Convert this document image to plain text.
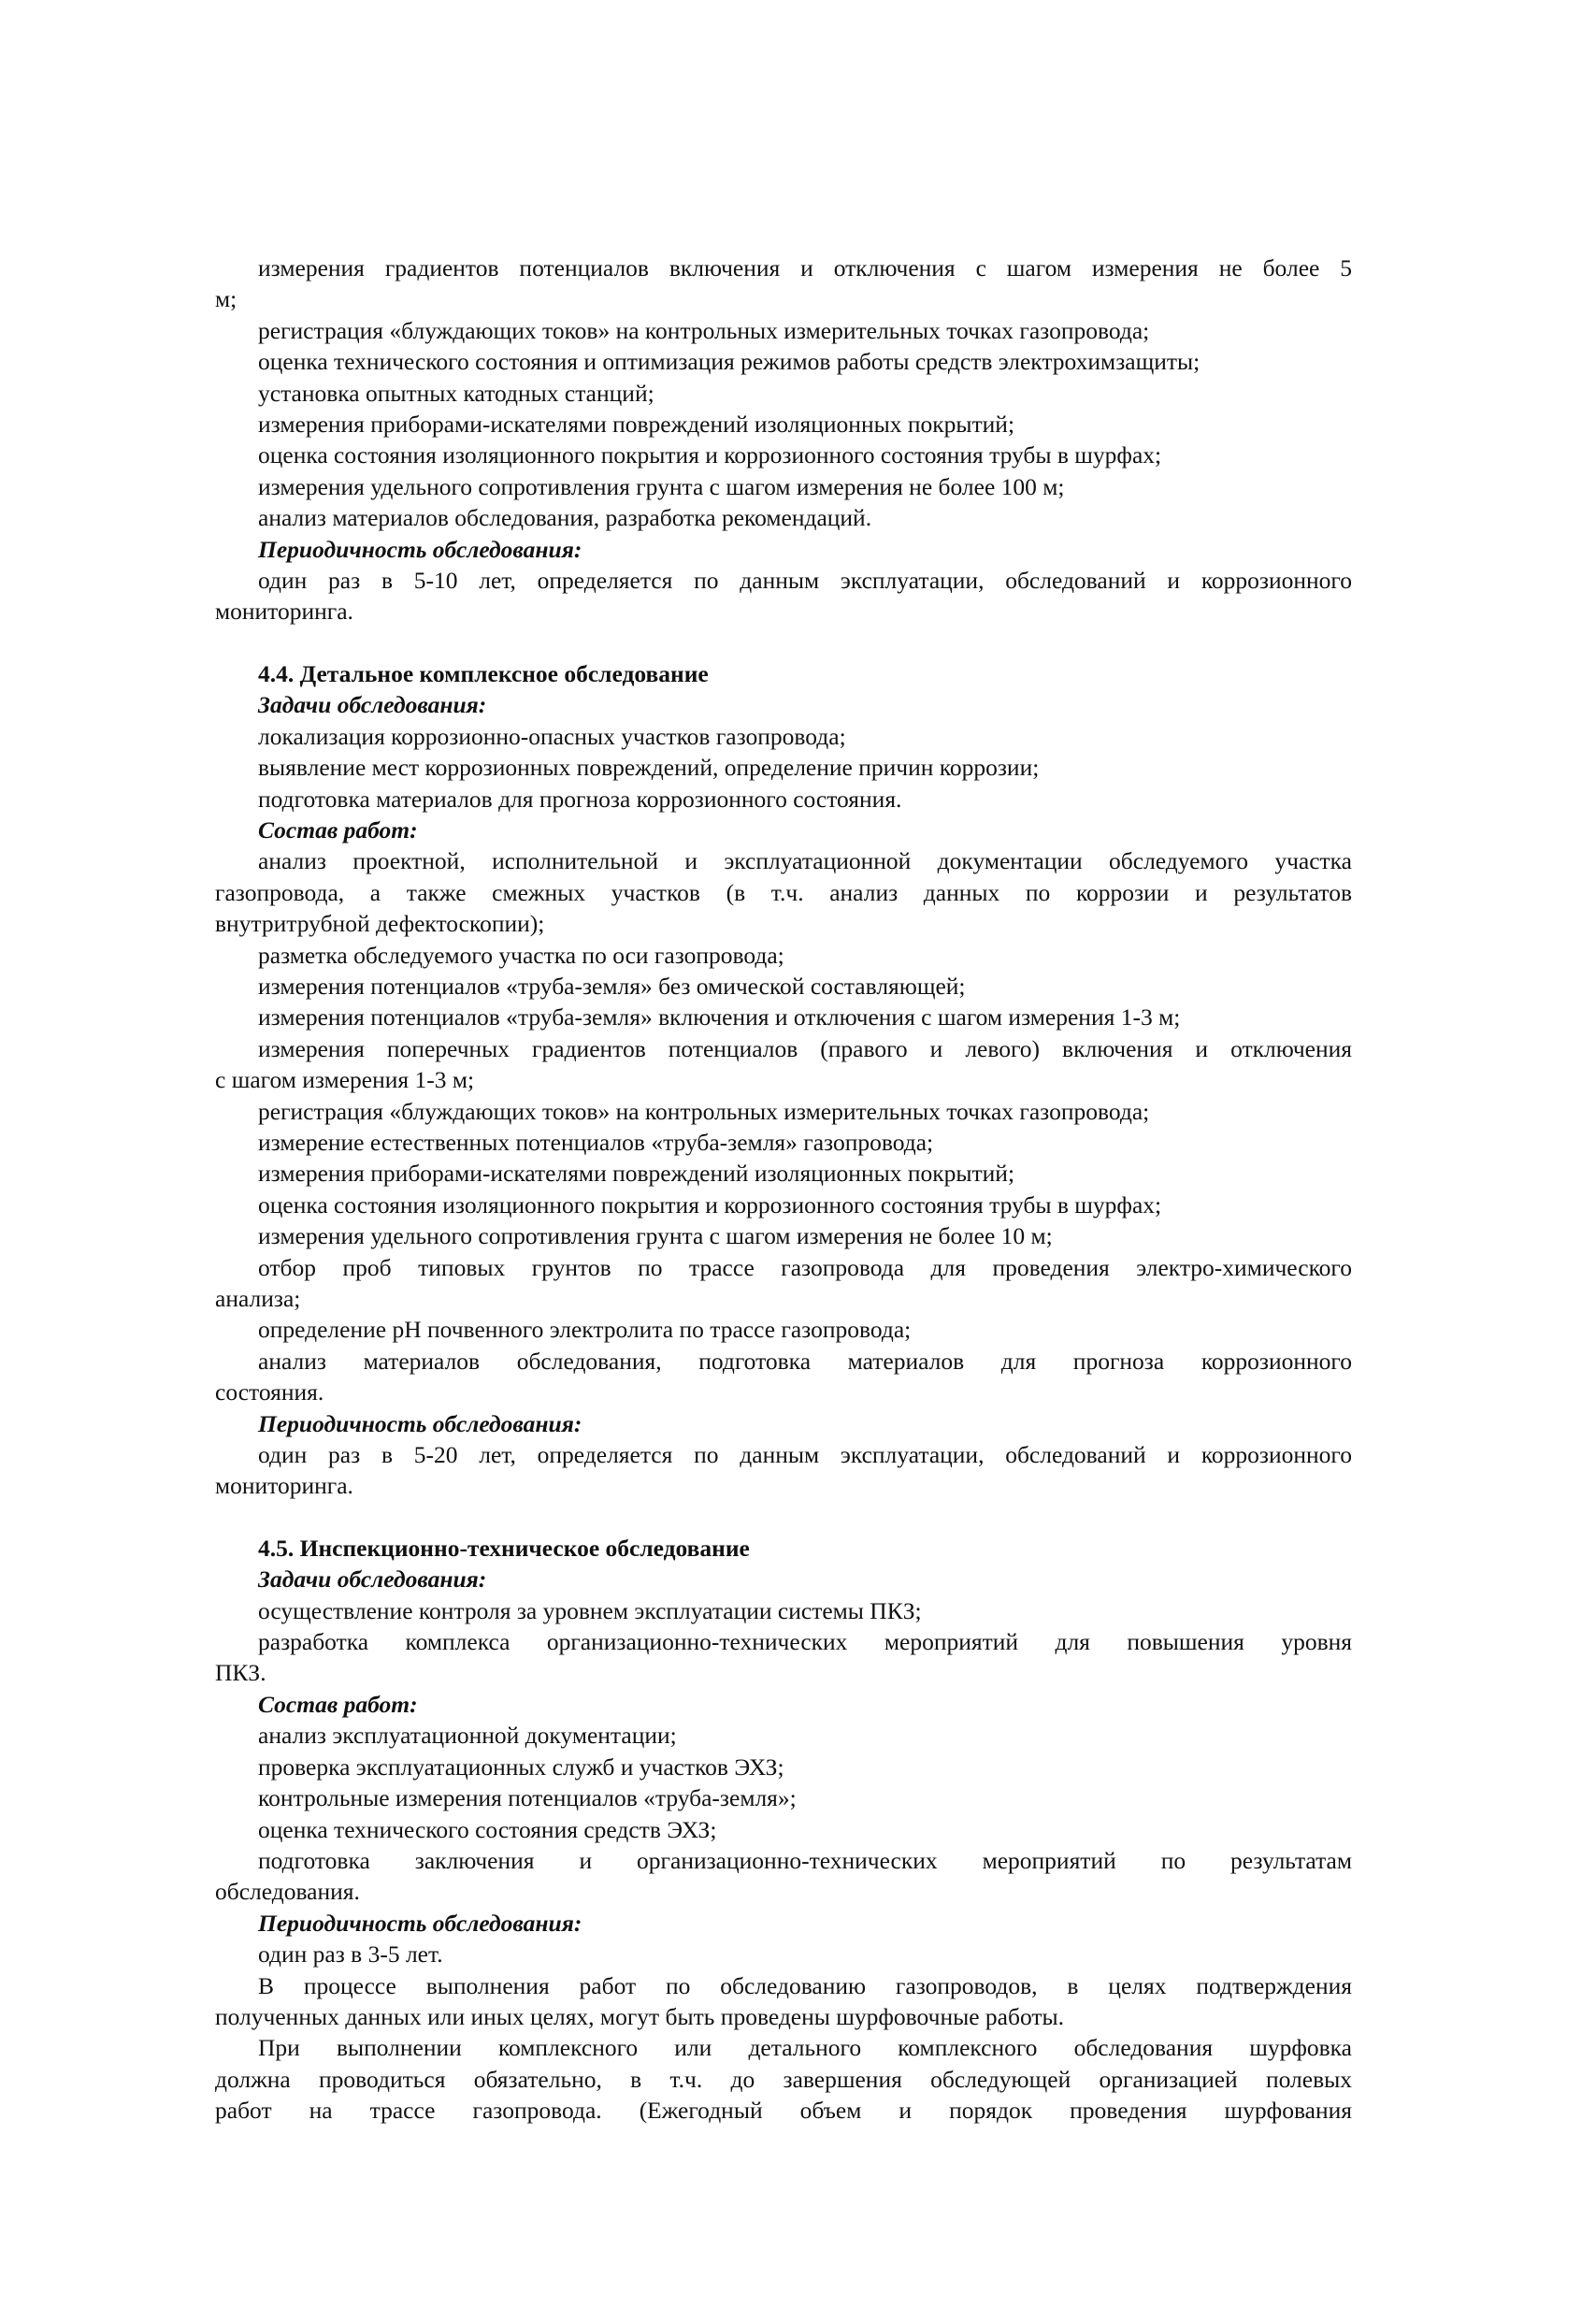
измерения градиентов потенциалов включения и отключения с шагом измерения не более 5

м;

регистрация «блуждающих токов» на контрольных измерительных точках газопровода;

оценка технического состояния и оптимизация режимов работы средств электрохимзащиты;

установка опытных катодных станций;

измерения приборами-искателями повреждений изоляционных покрытий;

оценка состояния изоляционного покрытия и коррозионного состояния трубы в шурфах;

измерения удельного сопротивления грунта с шагом измерения не более 100 м;

анализ материалов обследования, разработка рекомендаций.

Периодичность обследования:

один раз в 5-10 лет, определяется по данным эксплуатации, обследований и коррозионного

мониторинга.

4.4. Детальное комплексное обследование

Задачи обследования:

локализация коррозионно-опасных участков газопровода;

выявление мест коррозионных повреждений, определение причин коррозии;

подготовка материалов для прогноза коррозионного состояния.

Состав работ:

анализ проектной, исполнительной и эксплуатационной документации обследуемого участка

газопровода, а также смежных участков (в т.ч. анализ данных по коррозии и результатов

внутритрубной дефектоскопии);

разметка обследуемого участка по оси газопровода;

измерения потенциалов «труба-земля» без омической составляющей;

измерения потенциалов «труба-земля» включения и отключения с шагом измерения 1-3 м;

измерения поперечных градиентов потенциалов (правого и левого) включения и отключения

с шагом измерения 1-3 м;

регистрация «блуждающих токов» на контрольных измерительных точках газопровода;

измерение естественных потенциалов «труба-земля» газопровода;

измерения приборами-искателями повреждений изоляционных покрытий;

оценка состояния изоляционного покрытия и коррозионного состояния трубы в шурфах;

измерения удельного сопротивления грунта с шагом измерения не более 10 м;

отбор проб типовых грунтов по трассе газопровода для проведения электро-химического

анализа;

определение pH почвенного электролита по трассе газопровода;

анализ материалов обследования, подготовка материалов для прогноза коррозионного

состояния.

Периодичность обследования:

один раз в 5-20 лет, определяется по данным эксплуатации, обследований и коррозионного

мониторинга.

4.5. Инспекционно-техническое обследование

Задачи обследования:

осуществление контроля за уровнем эксплуатации системы ПКЗ;

разработка комплекса организационно-технических мероприятий для повышения уровня

ПКЗ.

Состав работ:

анализ эксплуатационной документации;

проверка эксплуатационных служб и участков ЭХЗ;

контрольные измерения потенциалов «труба-земля»;

оценка технического состояния средств ЭХЗ;

подготовка заключения и организационно-технических мероприятий по результатам

обследования.

Периодичность обследования:

один раз в 3-5 лет.

В процессе выполнения работ по обследованию газопроводов, в целях подтверждения

полученных данных или иных целях, могут быть проведены шурфовочные работы.

При выполнении комплексного или детального комплексного обследования шурфовка

должна проводиться обязательно, в т.ч. до завершения обследующей организацией полевых

работ на трассе газопровода. (Ежегодный объем и порядок проведения шурфования
